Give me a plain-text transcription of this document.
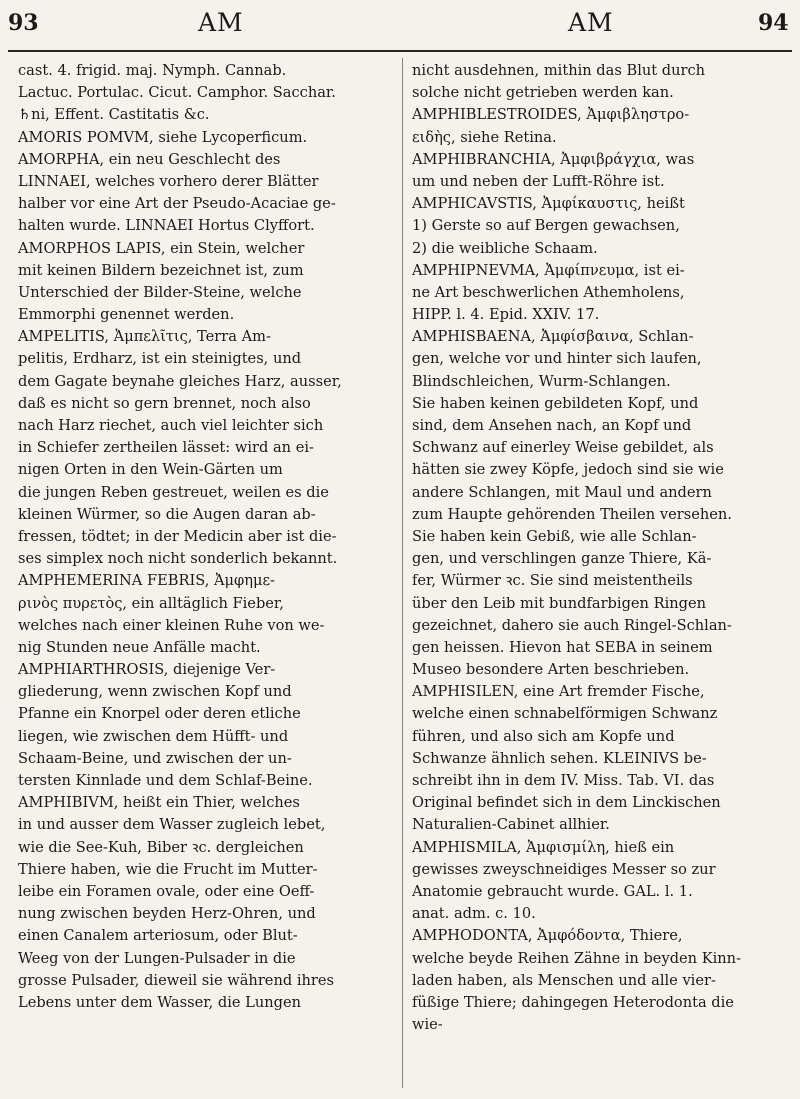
93	AM	AM	94
cast. 4. frigid. maj. Nymph. Cannab.
Lactuc. Portulac. Cicut. Camphor. Sacchar.
♄ni, Effent. Castitatis &c.
AMORIS POMVM, siehe Lycoperficum.
AMORPHA, ein neu Geschlecht des
LINNAEI, welches vorhero derer Blätter
halber vor eine Art der Pseudo-Acaciae ge-
halten wurde. LINNAEI Hortus Clyffort.
AMORPHOS LAPIS, ein Stein, welcher
mit keinen Bildern bezeichnet ist, zum
Unterschied der Bilder-Steine, welche
Emmorphi genennet werden.
AMPELITIS, Ἀμπελῖτις, Terra Am-
pelitis, Erdharz, ist ein steinigtes, und
dem Gagate beynahe gleiches Harz, ausser,
daß es nicht so gern brennet, noch also
nach Harz riechet, auch viel leichter sich
in Schiefer zertheilen lässet: wird an ei-
nigen Orten in den Wein-Gärten um
die jungen Reben gestreuet, weilen es die
kleinen Würmer, so die Augen daran ab-
fressen, tödtet; in der Medicin aber ist die-
ses simplex noch nicht sonderlich bekannt.
AMPHEMERINA FEBRIS, Ἀμφημε-
ρινὸς πυρετὸς, ein alltäglich Fieber,
welches nach einer kleinen Ruhe von we-
nig Stunden neue Anfälle macht.
AMPHIARTHROSIS, diejenige Ver-
gliederung, wenn zwischen Kopf und
Pfanne ein Knorpel oder deren etliche
liegen, wie zwischen dem Hüfft- und
Schaam-Beine, und zwischen der un-
tersten Kinnlade und dem Schlaf-Beine.
AMPHIBIVM, heißt ein Thier, welches
in und ausser dem Wasser zugleich lebet,
wie die See-Kuh, Biber ꝛc. dergleichen
Thiere haben, wie die Frucht im Mutter-
leibe ein Foramen ovale, oder eine Oeff-
nung zwischen beyden Herz-Ohren, und
einen Canalem arteriosum, oder Blut-
Weeg von der Lungen-Pulsader in die
grosse Pulsader, dieweil sie während ihres
Lebens unter dem Wasser, die Lungen
nicht ausdehnen, mithin das Blut durch
solche nicht getrieben werden kan.
AMPHIBLESTROIDES, Ἀμφιβληστρο-
ειδὴς, siehe Retina.
AMPHIBRANCHIA, Ἀμφιβράγχια, was
um und neben der Lufft-Röhre ist.
AMPHICAVSTIS, Ἀμφίκαυστις, heißt
1) Gerste so auf Bergen gewachsen,
2) die weibliche Schaam.
AMPHIPNEVMA, Ἀμφίπνευμα, ist ei-
ne Art beschwerlichen Athemholens,
HIPP. l. 4. Epid. XXIV. 17.
AMPHISBAENA, Ἀμφίσβαινα, Schlan-
gen, welche vor und hinter sich laufen,
Blindschleichen, Wurm-Schlangen.
Sie haben keinen gebildeten Kopf, und
sind, dem Ansehen nach, an Kopf und
Schwanz auf einerley Weise gebildet, als
hätten sie zwey Köpfe, jedoch sind sie wie
andere Schlangen, mit Maul und andern
zum Haupte gehörenden Theilen versehen.
Sie haben kein Gebiß, wie alle Schlan-
gen, und verschlingen ganze Thiere, Kä-
fer, Würmer ꝛc. Sie sind meistentheils
über den Leib mit bundfarbigen Ringen
gezeichnet, dahero sie auch Ringel-Schlan-
gen heissen. Hievon hat SEBA in seinem
Museo besondere Arten beschrieben.
AMPHISILEN, eine Art fremder Fische,
welche einen schnabelförmigen Schwanz
führen, und also sich am Kopfe und
Schwanze ähnlich sehen. KLEINIVS be-
schreibt ihn in dem IV. Miss. Tab. VI. das
Original befindet sich in dem Linckischen
Naturalien-Cabinet allhier.
AMPHISMILA, Ἀμφισμίλη, hieß ein
gewisses zweyschneidiges Messer so zur
Anatomie gebraucht wurde. GAL. l. 1.
anat. adm. c. 10.
AMPHODONTA, Ἀμφόδοντα, Thiere,
welche beyde Reihen Zähne in beyden Kinn-
laden haben, als Menschen und alle vier-
füßige Thiere; dahingegen Heterodonta die
wie-
